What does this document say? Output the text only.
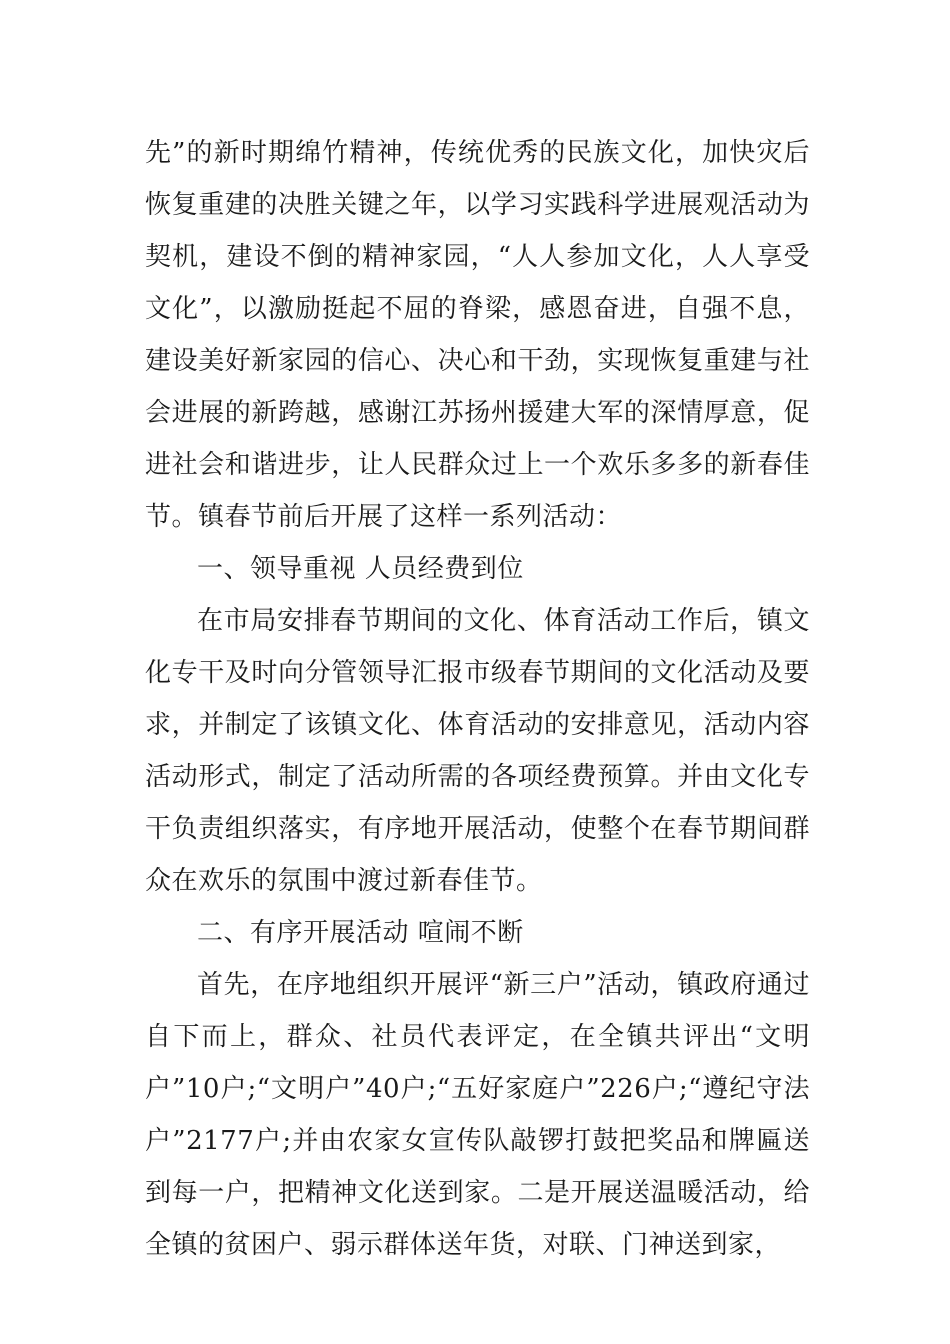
先”的新时期绵竹精神，传统优秀的民族文化，加快灾后恢复重建的决胜关键之年，以学习实践科学进展观活动为契机，建设不倒的精神家园，“人人参加文化，人人享受文化”，以激励挺起不屈的脊梁，感恩奋进，自强不息，建设美好新家园的信心、决心和干劲，实现恢复重建与社会进展的新跨越，感谢江苏扬州援建大军的深情厚意，促进社会和谐进步，让人民群众过上一个欢乐多多的新春佳节。镇春节前后开展了这样一系列活动：

一、领导重视 人员经费到位

在市局安排春节期间的文化、体育活动工作后，镇文化专干及时向分管领导汇报市级春节期间的文化活动及要求，并制定了该镇文化、体育活动的安排意见，活动内容活动形式，制定了活动所需的各项经费预算。并由文化专干负责组织落实，有序地开展活动，使整个在春节期间群众在欢乐的氛围中渡过新春佳节。

二、有序开展活动 喧闹不断

首先，在序地组织开展评“新三户”活动，镇政府通过自下而上，群众、社员代表评定，在全镇共评出“文明户”10户;“文明户”40户;“五好家庭户”226户;“遵纪守法户”2177户;并由农家女宣传队敲锣打鼓把奖品和牌匾送到每一户，把精神文化送到家。二是开展送温暖活动，给全镇的贫困户、弱示群体送年货，对联、门神送到家，
